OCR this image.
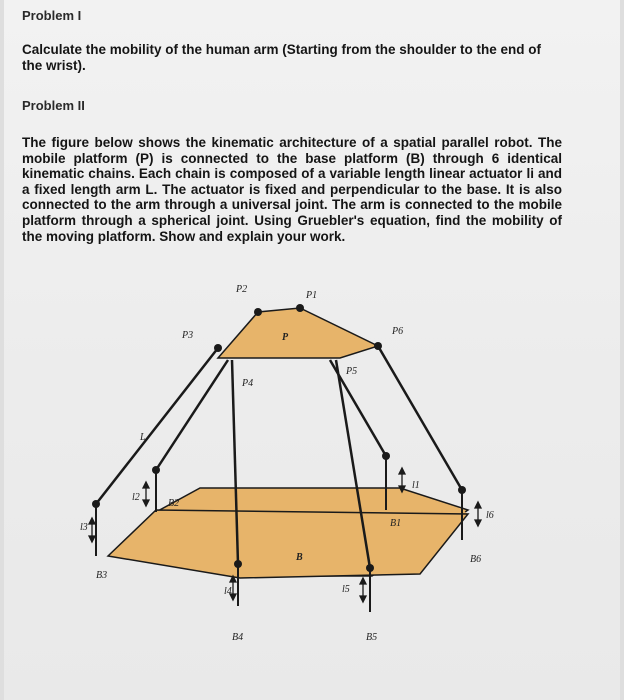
Problem I

Calculate the mobility of the human arm (Starting from the shoulder to the end of the wrist).

Problem II

The figure below shows the kinematic architecture of a spatial parallel robot. The mobile platform (P) is connected to the base platform (B) through 6 identical kinematic chains. Each chain is composed of a variable length linear actuator li and a fixed length arm L. The actuator is fixed and perpendicular to the base. It is also connected to the arm through a universal joint. The arm is connected to the mobile platform through a spherical joint. Using Gruebler's equation, find the mobility of the moving platform. Show and explain your work.

P2
P1
P3	P6
P
P4
P5
L
l2
B2
l3
B3
B
l4
B4
l5
B5
l1
B1
l6
B6
